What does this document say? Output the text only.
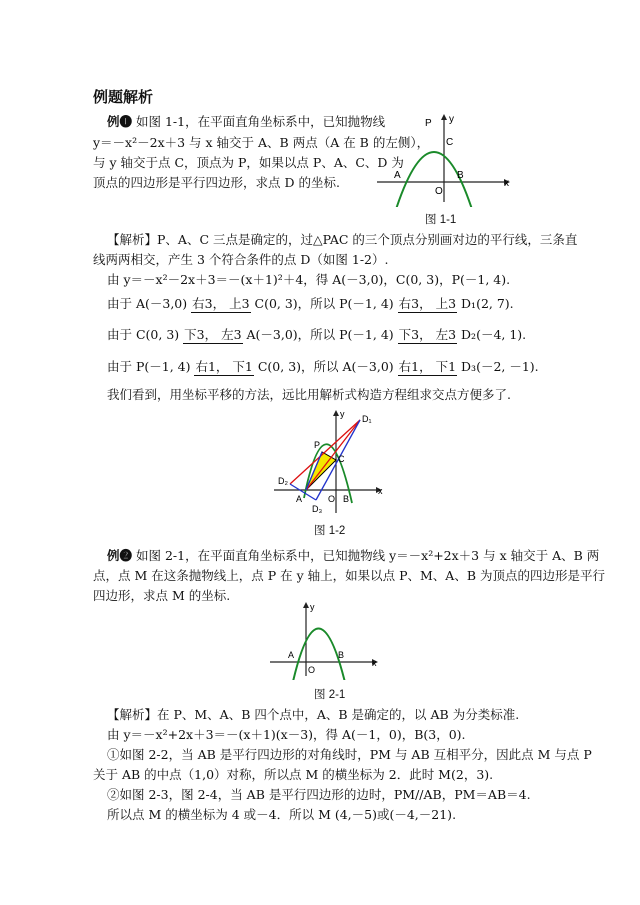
例题解析
例❶ 如图 1-1，在平面直角坐标系中，已知抛物线
y＝－x²－2x＋3 与 x 轴交于 A、B 两点（A 在 B 的左侧），
与 y 轴交于点 C，顶点为 P，如果以点 P、A、C、D 为
顶点的四边形是平行四边形，求点 D 的坐标.
P y
C
A
O
B
x
图 1-1
【解析】P、A、C 三点是确定的，过△PAC 的三个顶点分别画对边的平行线，三条直
线两两相交，产生 3 个符合条件的点 D（如图 1-2）.
由 y＝－x²－2x＋3＝－(x＋1)²＋4，得 A(－3,0)，C(0, 3)，P(－1, 4).
由于 A(－3,0) 右3， 上3 C(0, 3)，所以 P(－1, 4) 右3， 上3 D₁(2, 7).
由于 C(0, 3) 下3， 左3 A(－3,0)，所以 P(－1, 4) 下3， 左3 D₂(－4, 1).
由于 P(－1, 4) 右1， 下1 C(0, 3)，所以 A(－3,0) 右1， 下1 D₃(－2, －1).
我们看到，用坐标平移的方法，远比用解析式构造方程组求交点方便多了.
D₁
y
P
C
D₂
A	O B
D₃
x
图 1-2
例❷ 如图 2-1，在平面直角坐标系中，已知抛物线 y＝－x²+2x＋3 与 x 轴交于 A、B 两
点，点 M 在这条抛物线上，点 P 在 y 轴上，如果以点 P、M、A、B 为顶点的四边形是平行
四边形，求点 M 的坐标.
y
A
O
B
x
图 2-1
【解析】在 P、M、A、B 四个点中，A、B 是确定的，以 AB 为分类标准.
由 y＝－x²+2x＋3＝－(x＋1)(x－3)，得 A(－1，0)，B(3，0).
①如图 2-2，当 AB 是平行四边形的对角线时，PM 与 AB 互相平分，因此点 M 与点 P
关于 AB 的中点（1,0）对称，所以点 M 的横坐标为 2．此时 M(2，3).
②如图 2-3，图 2-4，当 AB 是平行四边形的边时，PM//AB，PM＝AB＝4.
所以点 M 的横坐标为 4 或－4．所以 M (4,－5)或(－4,－21).
